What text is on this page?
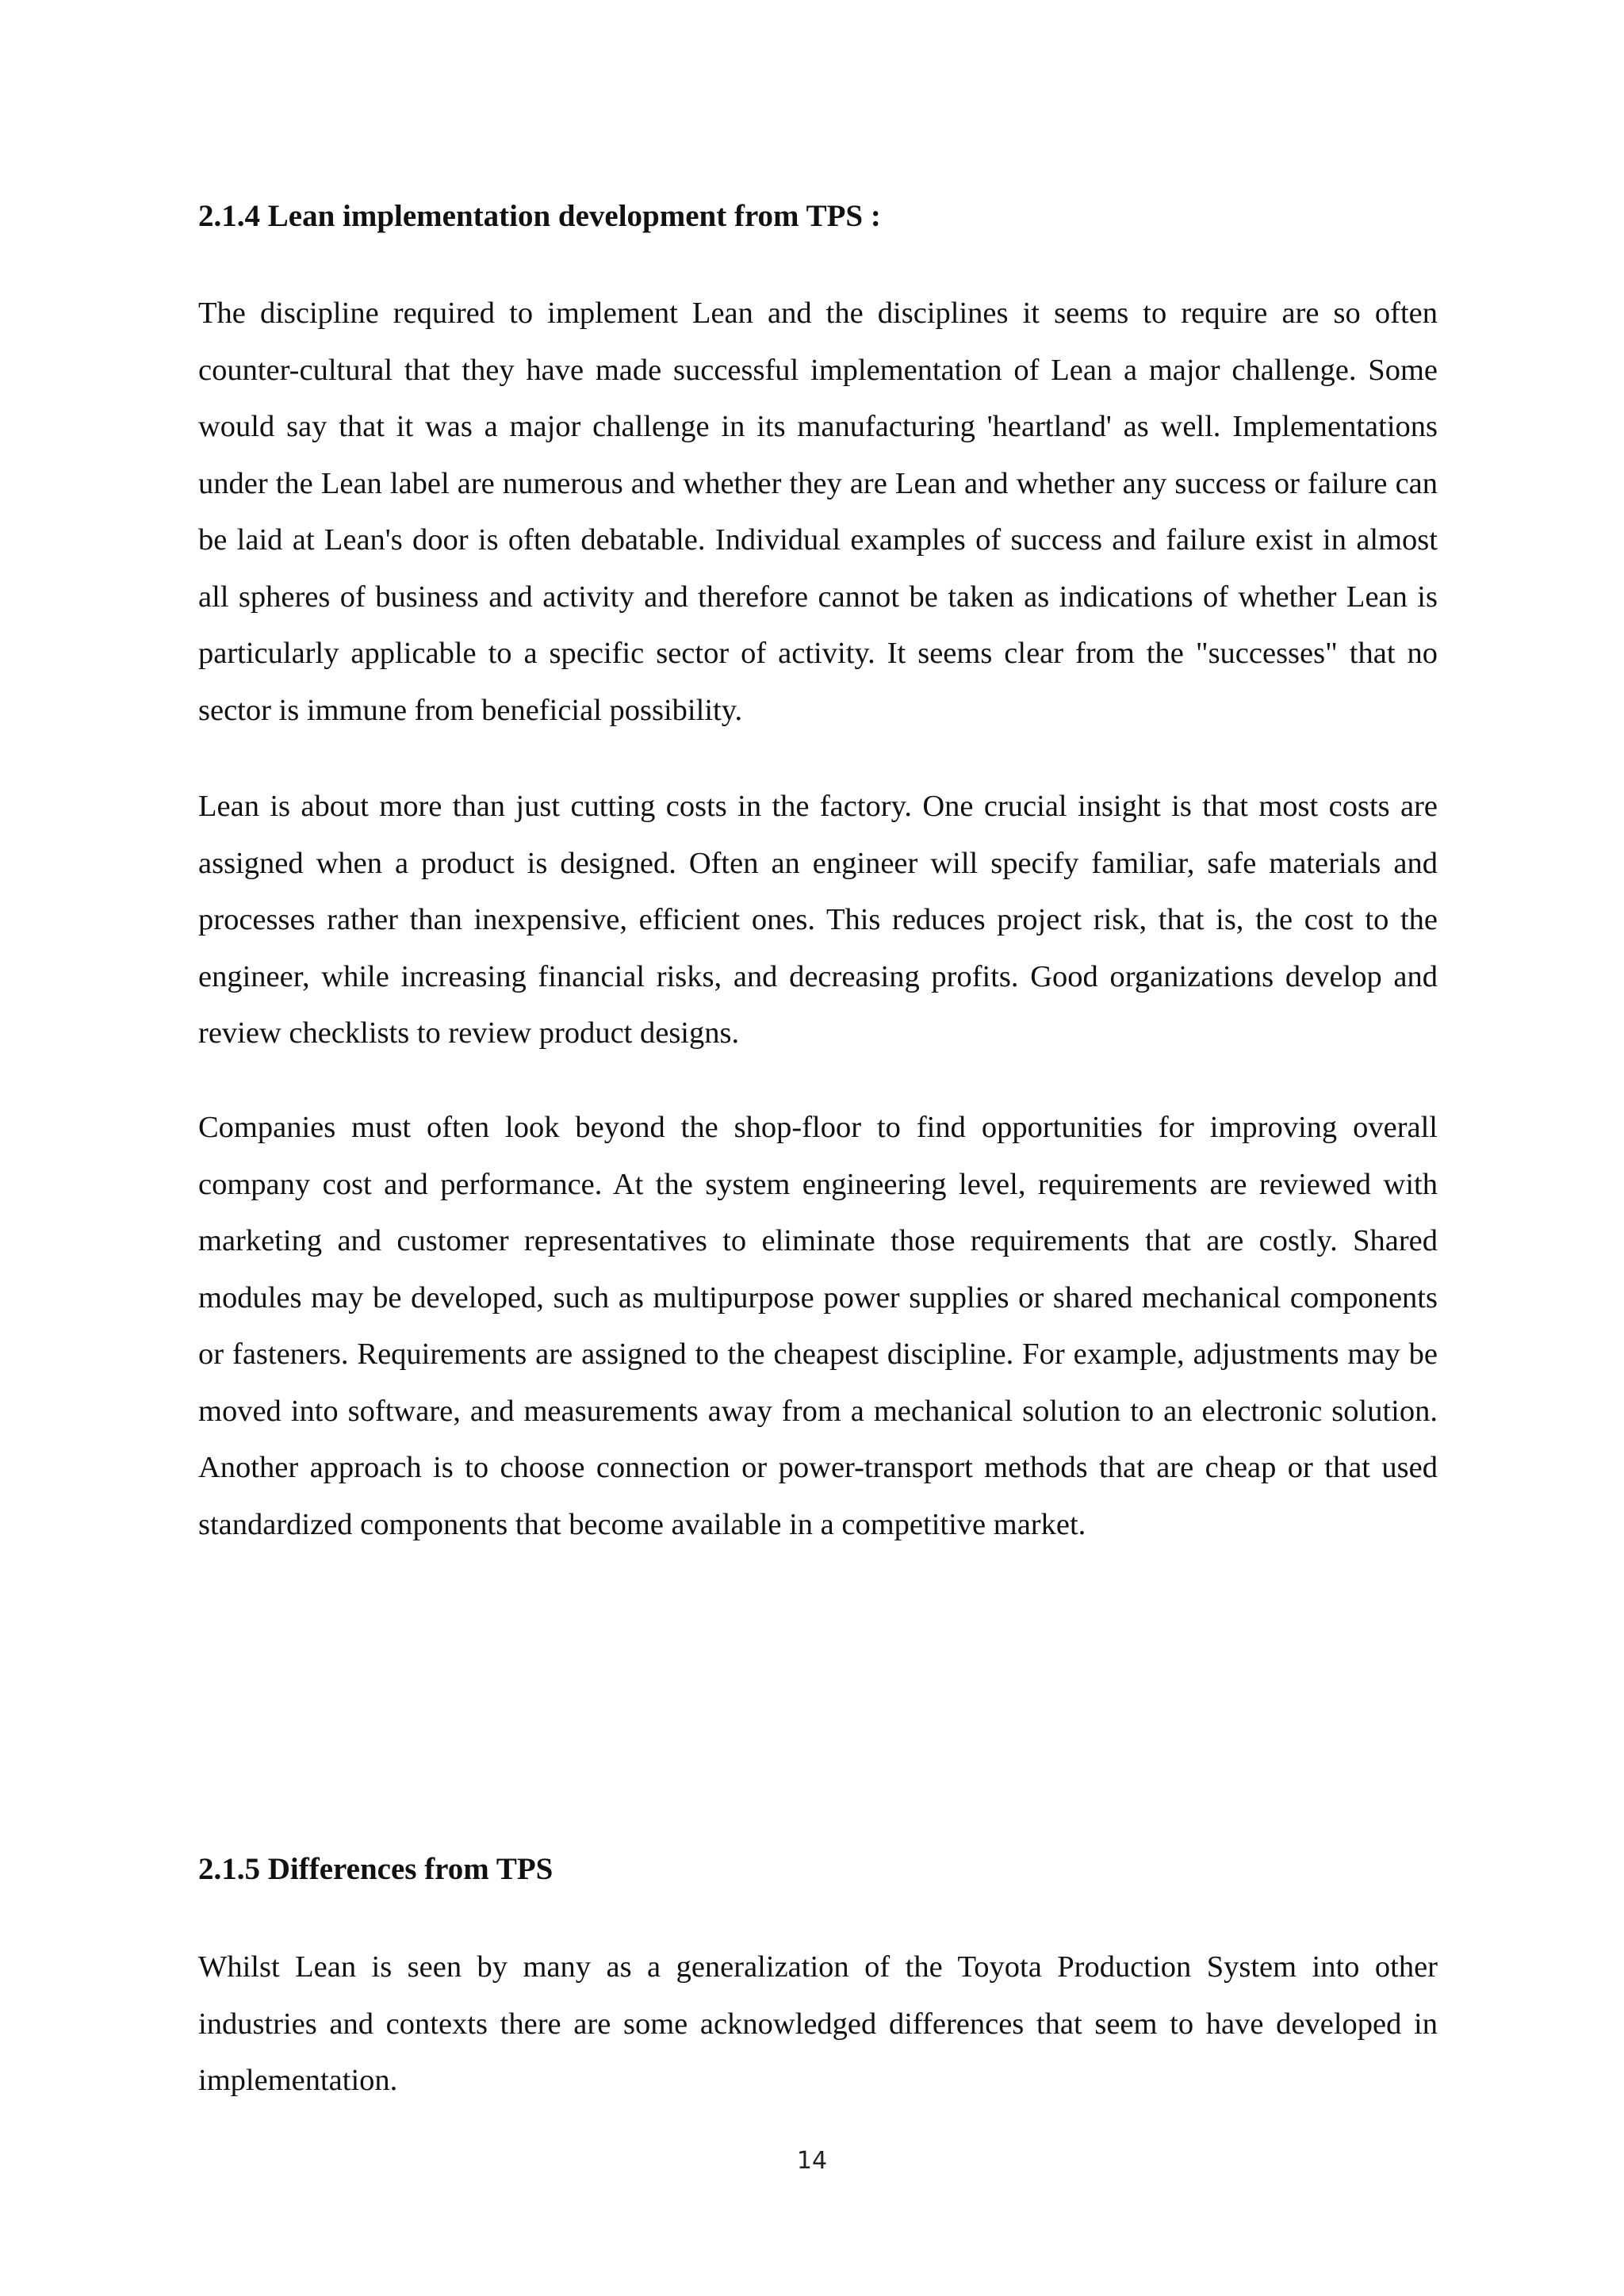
2.1.4 Lean implementation development from TPS :

The discipline required to implement Lean and the disciplines it seems to require are so often counter-cultural that they have made successful implementation of Lean a major challenge. Some would say that it was a major challenge in its manufacturing 'heartland' as well. Implementations under the Lean label are numerous and whether they are Lean and whether any success or failure can be laid at Lean's door is often debatable. Individual examples of success and failure exist in almost all spheres of business and activity and therefore cannot be taken as indications of whether Lean is particularly applicable to a specific sector of activity. It seems clear from the "successes" that no sector is immune from beneficial possibility.

Lean is about more than just cutting costs in the factory. One crucial insight is that most costs are assigned when a product is designed. Often an engineer will specify familiar, safe materials and processes rather than inexpensive, efficient ones. This reduces project risk, that is, the cost to the engineer, while increasing financial risks, and decreasing profits. Good organizations develop and review checklists to review product designs.

Companies must often look beyond the shop-floor to find opportunities for improving overall company cost and performance. At the system engineering level, requirements are reviewed with marketing and customer representatives to eliminate those requirements that are costly. Shared modules may be developed, such as multipurpose power supplies or shared mechanical components or fasteners. Requirements are assigned to the cheapest discipline. For example, adjustments may be moved into software, and measurements away from a mechanical solution to an electronic solution. Another approach is to choose connection or power-transport methods that are cheap or that used standardized components that become available in a competitive market.

2.1.5 Differences from TPS

Whilst Lean is seen by many as a generalization of the Toyota Production System into other industries and contexts there are some acknowledged differences that seem to have developed in implementation.

14
